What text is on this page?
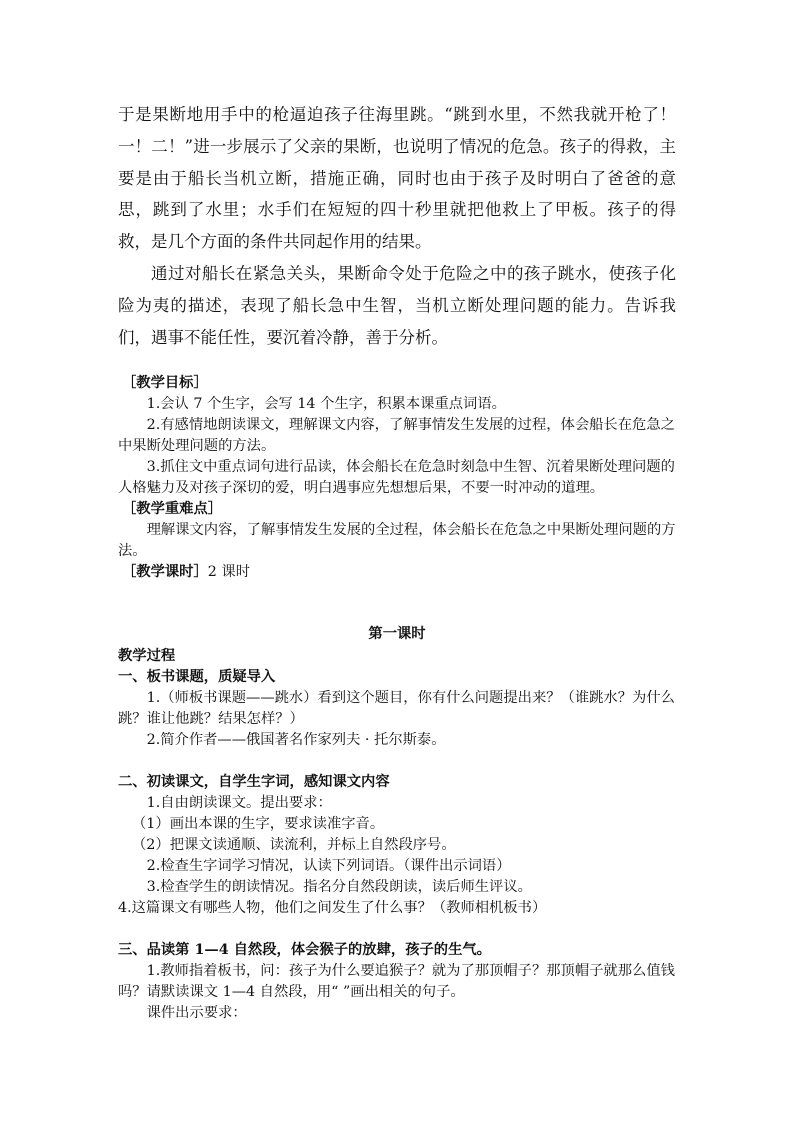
于是果断地用手中的枪逼迫孩子往海里跳。“跳到水里，不然我就开枪了！一！二！”进一步展示了父亲的果断，也说明了情况的危急。孩子的得救，主要是由于船长当机立断，措施正确，同时也由于孩子及时明白了爸爸的意思，跳到了水里；水手们在短短的四十秒里就把他救上了甲板。孩子的得救，是几个方面的条件共同起作用的结果。

通过对船长在紧急关头，果断命令处于危险之中的孩子跳水，使孩子化险为夷的描述，表现了船长急中生智，当机立断处理问题的能力。告诉我们，遇事不能任性，要沉着冷静，善于分析。

［教学目标］

1.会认 7 个生字，会写 14 个生字，积累本课重点词语。

2.有感情地朗读课文，理解课文内容，了解事情发生发展的过程，体会船长在危急之中果断处理问题的方法。

3.抓住文中重点词句进行品读，体会船长在危急时刻急中生智、沉着果断处理问题的人格魅力及对孩子深切的爱，明白遇事应先想想后果，不要一时冲动的道理。

［教学重难点］

理解课文内容，了解事情发生发展的全过程，体会船长在危急之中果断处理问题的方法。

［教学课时］2 课时

第一课时

教学过程

一、板书课题，质疑导入

1.（师板书课题——跳水）看到这个题目，你有什么问题提出来？（谁跳水？为什么跳？谁让他跳？结果怎样？）

2.简介作者——俄国著名作家列夫 · 托尔斯泰。

二、初读课文，自学生字词，感知课文内容

1.自由朗读课文。提出要求：

（1）画出本课的生字，要求读准字音。

（2）把课文读通顺、读流利，并标上自然段序号。

2.检查生字词学习情况，认读下列词语。（课件出示词语）

3.检查学生的朗读情况。指名分自然段朗读，读后师生评议。

4.这篇课文有哪些人物，他们之间发生了什么事？（教师相机板书）

三、品读第 1—4 自然段，体会猴子的放肆，孩子的生气。

1.教师指着板书，问：孩子为什么要追猴子？就为了那顶帽子？那顶帽子就那么值钱吗？请默读课文 1—4 自然段，用“ ”画出相关的句子。

课件出示要求：
